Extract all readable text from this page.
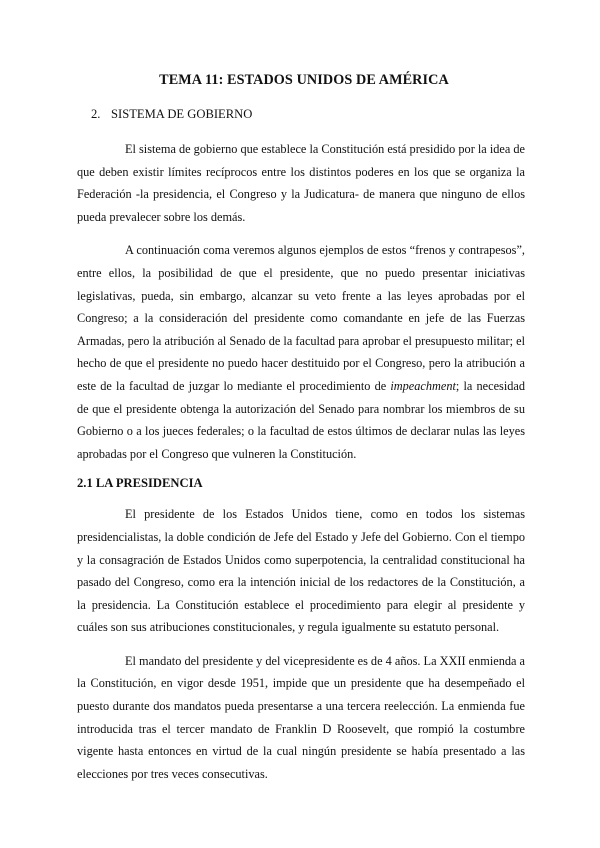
TEMA 11: ESTADOS UNIDOS DE AMÉRICA
2. SISTEMA DE GOBIERNO

El sistema de gobierno que establece la Constitución está presidido por la idea de que deben existir límites recíprocos entre los distintos poderes en los que se organiza la Federación -la presidencia, el Congreso y la Judicatura- de manera que ninguno de ellos pueda prevalecer sobre los demás.

A continuación coma veremos algunos ejemplos de estos “frenos y contrapesos”, entre ellos, la posibilidad de que el presidente, que no puedo presentar iniciativas legislativas, pueda, sin embargo, alcanzar su veto frente a las leyes aprobadas por el Congreso; a la consideración del presidente como comandante en jefe de las Fuerzas Armadas, pero la atribución al Senado de la facultad para aprobar el presupuesto militar; el hecho de que el presidente no puedo hacer destituido por el Congreso, pero la atribución a este de la facultad de juzgar lo mediante el procedimiento de impeachment; la necesidad de que el presidente obtenga la autorización del Senado para nombrar los miembros de su Gobierno o a los jueces federales; o la facultad de estos últimos de declarar nulas las leyes aprobadas por el Congreso que vulneren la Constitución.

2.1 LA PRESIDENCIA

El presidente de los Estados Unidos tiene, como en todos los sistemas presidencialistas, la doble condición de Jefe del Estado y Jefe del Gobierno. Con el tiempo y la consagración de Estados Unidos como superpotencia, la centralidad constitucional ha pasado del Congreso, como era la intención inicial de los redactores de la Constitución, a la presidencia. La Constitución establece el procedimiento para elegir al presidente y cuáles son sus atribuciones constitucionales, y regula igualmente su estatuto personal.

El mandato del presidente y del vicepresidente es de 4 años. La XXII enmienda a la Constitución, en vigor desde 1951, impide que un presidente que ha desempeñado el puesto durante dos mandatos pueda presentarse a una tercera reelección. La enmienda fue introducida tras el tercer mandato de Franklin D Roosevelt, que rompió la costumbre vigente hasta entonces en virtud de la cual ningún presidente se había presentado a las elecciones por tres veces consecutivas.
